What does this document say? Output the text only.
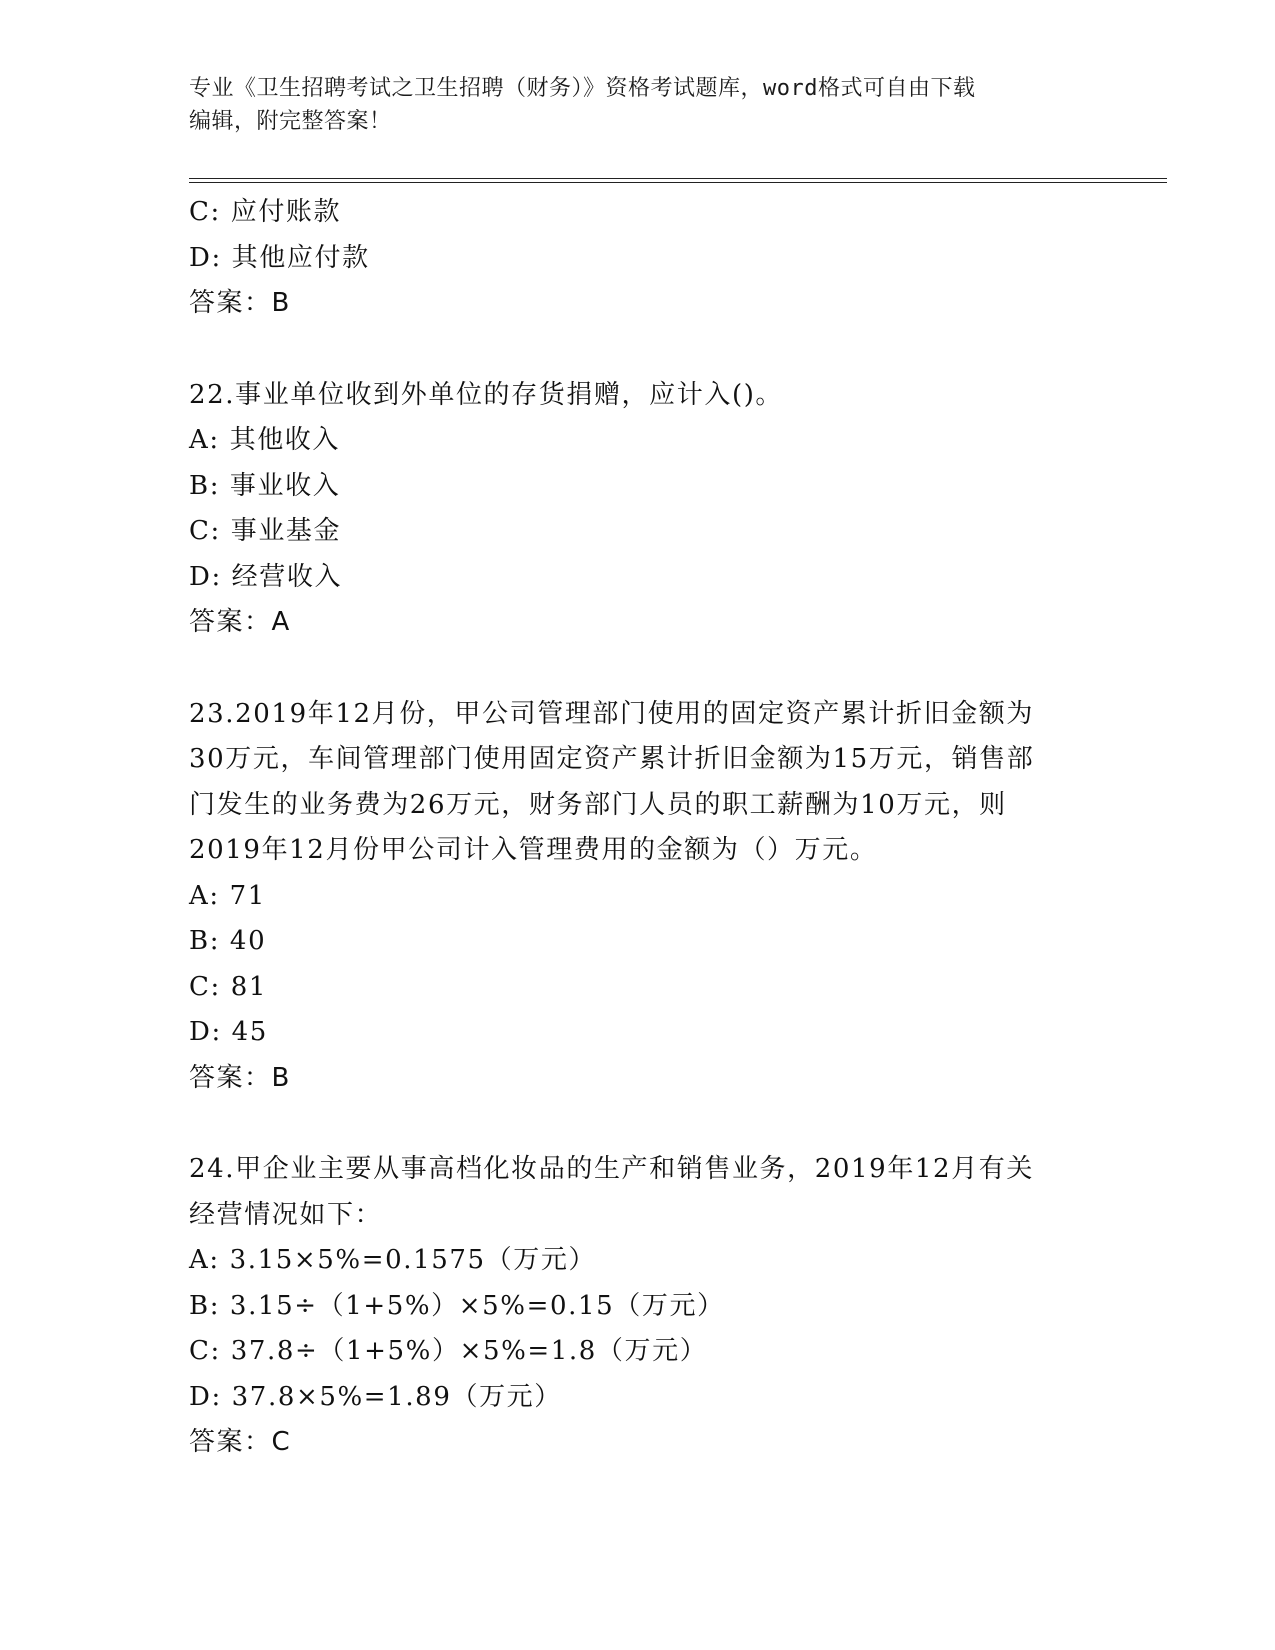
专业《卫生招聘考试之卫生招聘（财务）》资格考试题库，word格式可自由下载
编辑，附完整答案！
C: 应付账款
D: 其他应付款
答案：B
22.事业单位收到外单位的存货捐赠，应计入()。
A: 其他收入
B: 事业收入
C: 事业基金
D: 经营收入
答案：A
23.2019年12月份，甲公司管理部门使用的固定资产累计折旧金额为
30万元，车间管理部门使用固定资产累计折旧金额为15万元，销售部
门发生的业务费为26万元，财务部门人员的职工薪酬为10万元，则
2019年12月份甲公司计入管理费用的金额为（）万元。
A: 71
B: 40
C: 81
D: 45
答案：B
24.甲企业主要从事高档化妆品的生产和销售业务，2019年12月有关
经营情况如下：
A: 3.15×5%=0.1575（万元）
B: 3.15÷（1+5%）×5%=0.15（万元）
C: 37.8÷（1+5%）×5%=1.8（万元）
D: 37.8×5%=1.89（万元）
答案：C
